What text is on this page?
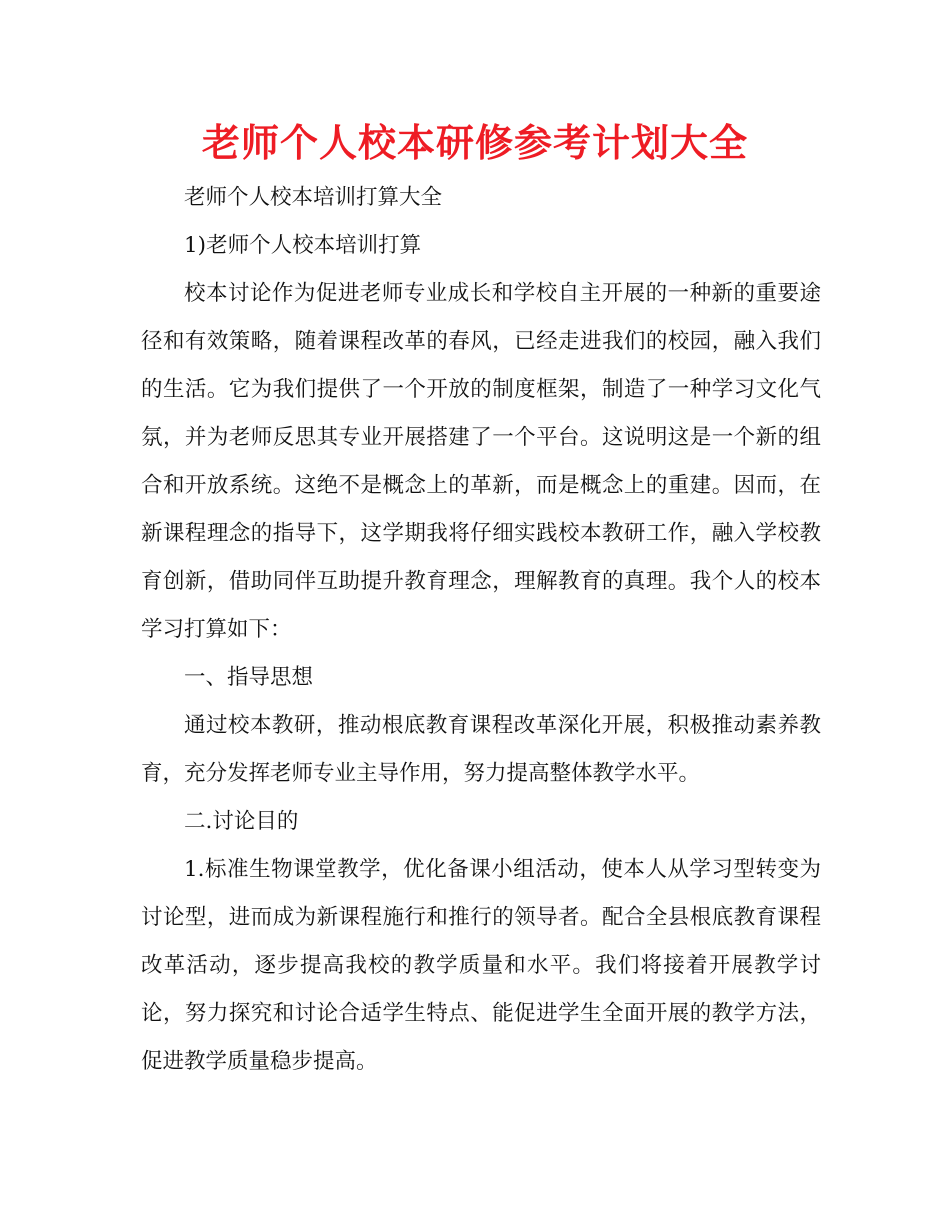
老师个人校本研修参考计划大全

老师个人校本培训打算大全

1)老师个人校本培训打算

校本讨论作为促进老师专业成长和学校自主开展的一种新的重要途径和有效策略，随着课程改革的春风，已经走进我们的校园，融入我们的生活。它为我们提供了一个开放的制度框架，制造了一种学习文化气氛，并为老师反思其专业开展搭建了一个平台。这说明这是一个新的组合和开放系统。这绝不是概念上的革新，而是概念上的重建。因而，在新课程理念的指导下，这学期我将仔细实践校本教研工作，融入学校教育创新，借助同伴互助提升教育理念，理解教育的真理。我个人的校本学习打算如下：

一、指导思想

通过校本教研，推动根底教育课程改革深化开展，积极推动素养教育，充分发挥老师专业主导作用，努力提高整体教学水平。

二.讨论目的

1.标准生物课堂教学，优化备课小组活动，使本人从学习型转变为讨论型，进而成为新课程施行和推行的领导者。配合全县根底教育课程改革活动，逐步提高我校的教学质量和水平。我们将接着开展教学讨论，努力探究和讨论合适学生特点、能促进学生全面开展的教学方法，促进教学质量稳步提高。
